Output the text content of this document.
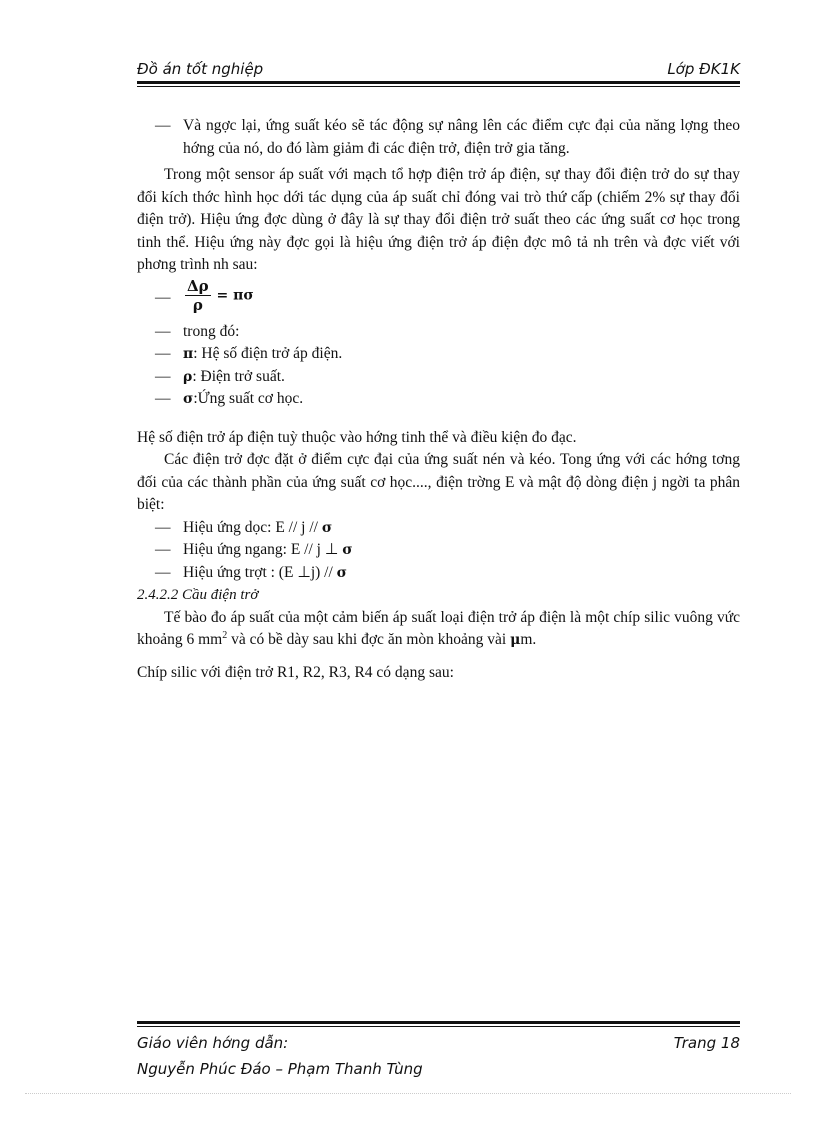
Đồ án tốt nghiệp	Lớp ĐK1K

— Và ngợc lại, ứng suất kéo sẽ tác động sự nâng lên các điểm cực đại của năng lợng theo hớng của nó, do đó làm giảm đi các điện trở, điện trở gia tăng.

Trong một sensor áp suất với mạch tổ hợp điện trở áp điện, sự thay đổi điện trở do sự thay đổi kích thớc hình học dới tác dụng của áp suất chỉ đóng vai trò thứ cấp (chiếm 2% sự thay đổi điện trở). Hiệu ứng đợc dùng ở đây là sự thay đổi điện trở suất theo các ứng suất cơ học trong tinh thể. Hiệu ứng này đợc gọi là hiệu ứng điện trở áp điện đợc mô tả nh trên và đợc viết với phơng trình nh sau:

— $\frac{\Delta\rho}{\rho} = \pi\sigma$

— trong đó:

— π: Hệ số điện trở áp điện.

— ρ: Điện trở suất.

— σ:Ứng suất cơ học.

Hệ số điện trở áp điện tuỳ thuộc vào hớng tinh thể và điều kiện đo đạc.

Các điện trở đợc đặt ở điểm cực đại của ứng suất nén và kéo. Tong ứng với các hớng tơng đối của các thành phần của ứng suất cơ học...., điện trờng E và mật độ dòng điện j ngời ta phân biệt:

— Hiệu ứng dọc: E // j // σ

— Hiệu ứng ngang: E // j ⊥ σ

— Hiệu ứng trợt : (E ⊥j) // σ

2.4.2.2 Cầu điện trở

Tế bào đo áp suất của một cảm biến áp suất loại điện trở áp điện là một chíp silic vuông vức khoảng 6 $mm^2$ và có bề dày sau khi đợc ăn mòn khoảng vài μm.

Chíp silic với điện trở R1, R2, R3, R4 có dạng sau:

Giáo viên hớng dẫn:	Trang 18
Nguyễn Phúc Đáo – Phạm Thanh Tùng
